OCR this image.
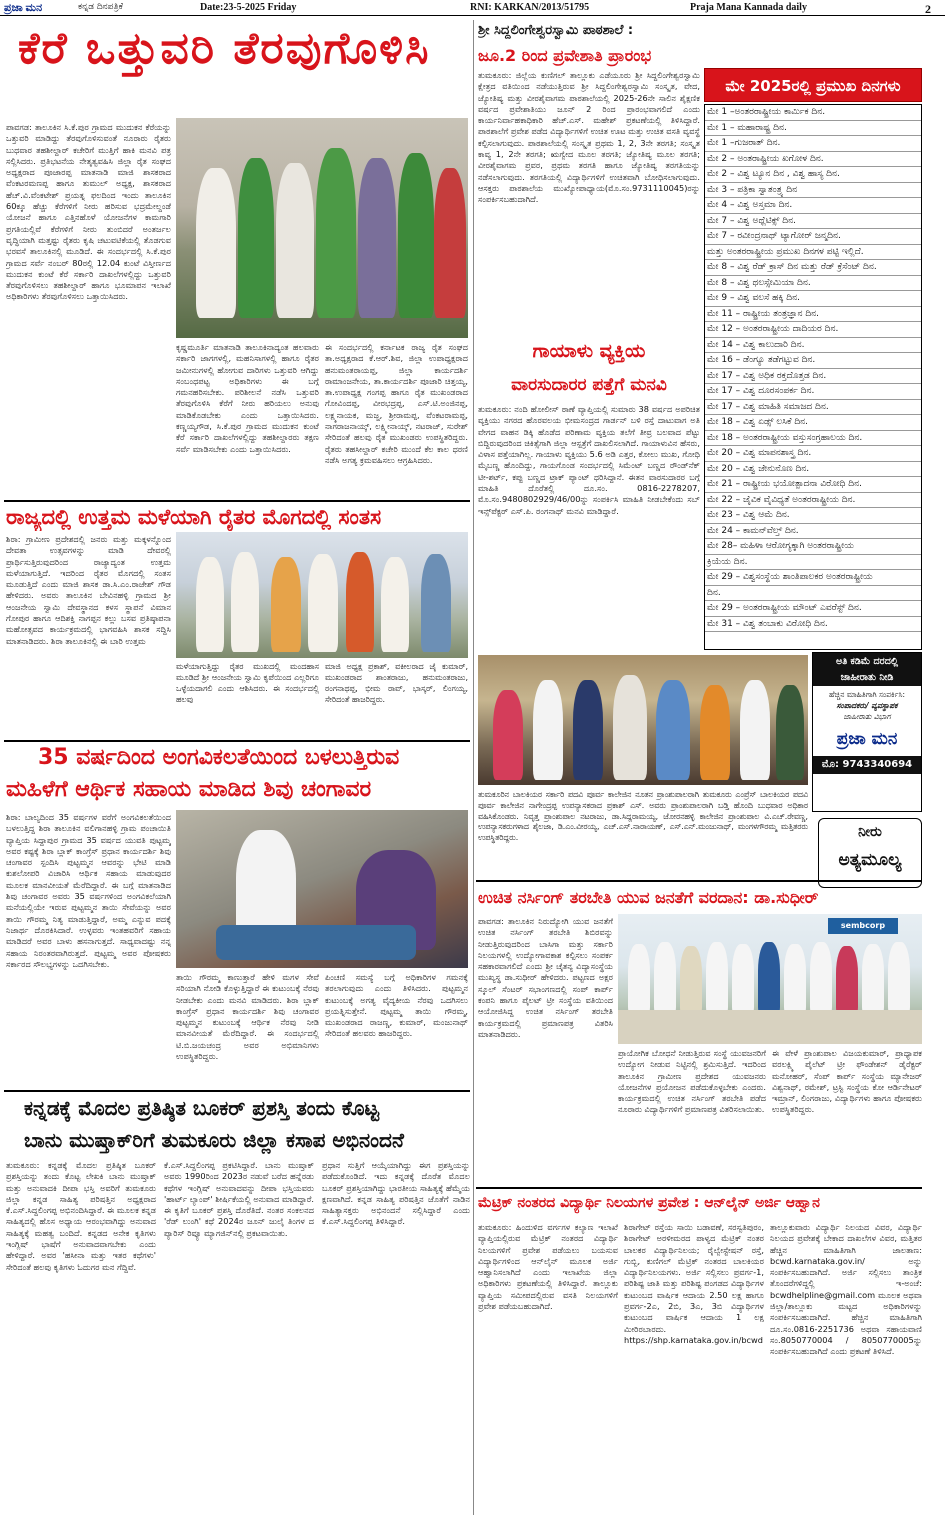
ಪ್ರಜಾ ಮನ	ಕನ್ನಡ ದಿನಪತ್ರಿಕೆ	Date:23-5-2025 Friday	RNI: KARKAN/2013/51795	Praja Mana Kannada daily	2
ಕೆರೆ ಒತ್ತುವರಿ ತೆರವುಗೊಳಿಸಿ
ಪಾವಗಡ: ತಾಲೂಕಿನ ಸಿ.ಕೆ.ಪುರ ಗ್ರಾಮದ ಮುದುಕನ ಕೆರೆಯನ್ನು ಒತ್ತುವರಿ ಮಾಡಿದ್ದು ತೆರವುಗೊಳಿಸುವಂತೆ ನೂರಾರು ರೈತರು ಬುಧವಾರ ತಹಶೀಲ್ದಾರ್ ಕಚೇರಿಗೆ ಮುತ್ತಿಗೆ ಹಾಕಿ ಮನವಿ ಪತ್ರ ಸಲ್ಲಿಸಿದರು. ಪ್ರತಿಭಟನೆಯ ನೇತೃತ್ವವಹಿಸಿ ಜಿಲ್ಲಾ ರೈತ ಸಂಘದ ಅಧ್ಯಕ್ಷರಾದ ಪೂಜಾರಪ್ಪ ಮಾತನಾಡಿ ಮಾಜಿ ಶಾಸಕರಾದ ವೆಂಕಟರಮಣಪ್ಪ ಹಾಗೂ ತುಮುಲ್ ಅಧ್ಯಕ್ಷ, ಶಾಸಕರಾದ ಹೆಚ್.ವಿ.ವೆಂಕಟೇಶ್ ಪ್ರಯತ್ನ ಫಲದಿಂದ ಇಂದು ತಾಲೂಕಿನ 60ಕ್ಕೂ ಹೆಚ್ಚು ಕೆರೆಗಳಿಗೆ ನೀರು ಹರಿಸುವ ಭದ್ರಮೇಲ್ದಂಡೆ ಯೋಜನೆ ಹಾಗೂ ಎತ್ತಿನಹೊಳೆ ಯೋಜನೆಗಳ ಕಾಮಗಾರಿ ಪ್ರಗತಿಯಲ್ಲಿವೆ ಕೆರೆಗಳಿಗೆ ನೀರು ತುಂಬಿದರೆ ಅಂತರ್ಜಲ ವೃದ್ಧಿಯಾಗಿ ಮತ್ತಷ್ಟು ರೈತರು ಕೃಷಿ ಚಟುವಟಿಕೆಯಲ್ಲಿ ತೊಡಗುವ ಭರವಸೆ ತಾಲೂಕಿನಲ್ಲಿ ಮೂಡಿದೆ. ಈ ಸಂದರ್ಭದಲ್ಲಿ ಸಿ.ಕೆ.ಪುರ ಗ್ರಾಮದ ಸರ್ವೆ ನಂಬರ್ 80ರಲ್ಲಿ 12.04 ಕುಂಟೆ ವಿಸ್ತೀರ್ಣದ ಮುದುಕನ ಕುಂಟೆ ಕೆರೆ ಸರ್ಕಾರಿ ದಾಖಲೆಗಳಲ್ಲಿದ್ದು ಒತ್ತುವರಿ ತೆರವುಗೊಳಿಸಲು ತಹಶೀಲ್ದಾರ್ ಹಾಗೂ ಭೂಮಾಪನ ಇಲಾಖೆ ಅಧಿಕಾರಿಗಳು ತೆರವುಗೊಳಿಸಲು ಒತ್ತಾಯಿಸಿದರು.
ಕೃಷ್ಣಮೂರ್ತಿ ಮಾತನಾಡಿ ತಾಲೂಕಿನಾದ್ಯಂತ ಹಲವಾರು ಸರ್ಕಾರಿ ಜಾಗಗಳಲ್ಲಿ, ಮಹನಿಸಾಗಳಲ್ಲಿ ಹಾಗೂ ರೈತರ ಜಮೀನುಗಳಲ್ಲಿ ಹೋಗುವ ದಾರಿಗಳು ಒತ್ತುವರಿ ಆಗಿದ್ದು ಸಂಬಂಧಪಟ್ಟ ಅಧಿಕಾರಿಗಳು ಈ ಬಗ್ಗೆ ಗಮನಹರಿಸಬೇಕು. ಪರಿಶೀಲನೆ ನಡೆಸಿ ಒತ್ತುವರಿ ತೆರವುಗೊಳಿಸಿ ಕೆರೆಗೆ ನೀರು ಹರಿಯಲು ಅನುವು ಮಾಡಿಕೊಡಬೇಕು ಎಂದು ಒತ್ತಾಯಿಸಿದರು. ಕಣ್ಣಯ್ಯಗೌಡ, ಸಿ.ಕೆ.ಪುರ ಗ್ರಾಮದ ಮುದುಕನ ಕುಂಟೆ ಕೆರೆ ಸರ್ಕಾರಿ ದಾಖಲೆಗಳಲ್ಲಿದ್ದು ತಹಶೀಲ್ದಾರರು ತಕ್ಷಣ ಸರ್ವೆ ಮಾಡಿಸಬೇಕು ಎಂದು ಒತ್ತಾಯಿಸಿದರು.
ಈ ಸಂದರ್ಭದಲ್ಲಿ ಕರ್ನಾಟಕ ರಾಜ್ಯ ರೈತ ಸಂಘದ ತಾ.ಅಧ್ಯಕ್ಷರಾದ ಕೆ.ಆರ್.ಶಿವ, ಜಿಲ್ಲಾ ಉಪಾಧ್ಯಕ್ಷರಾದ ಹನುಮಂತರಾಯಪ್ಪ, ಜಿಲ್ಲಾ ಕಾರ್ಯದರ್ಶಿ ರಾಮಾಂಜನೇಯ, ತಾ.ಕಾರ್ಯದರ್ಶಿ ಪೂಜಾರಿ ಚಿತ್ತಯ್ಯ, ತಾ.ಉಪಾಧ್ಯಕ್ಷ ಗಂಗಪ್ಪ ಹಾಗೂ ರೈತ ಮುಖಂಡರಾದ ಗೋವಿಂದಪ್ಪ, ವೀರಭದ್ರಪ್ಪ, ಎಸ್.ಟಿ.ಅಂಜಿನಪ್ಪ, ಲಕ್ಷ್ಮನಾಯಕ, ಮಜ್ಜ, ಶ್ರೀರಾಮಪ್ಪ, ವೆಂಕಟರಾಮಪ್ಪ, ನಾಗರಾಜನಾಯ್ಕ್, ಲಕ್ಷ್ಮೀನಾಯ್ಕ್, ನಟರಾಜ್, ಸುರೇಶ್ ಸೇರಿದಂತೆ ಹಲವು ರೈತ ಮುಖಂಡರು ಉಪಸ್ಥಿತರಿದ್ದರು. ರೈತರು ತಹಸೀಲ್ದಾರ್ ಕಚೇರಿ ಮುಂದೆ ಕೆಲ ಕಾಲ ಧರಣಿ ನಡೆಸಿ ಅಗತ್ಯ ಕ್ರಮವಹಿಸಲು ಆಗ್ರಹಿಸಿದರು.
ರಾಜ್ಯದಲ್ಲಿ ಉತ್ತಮ ಮಳೆಯಾಗಿ ರೈತರ ಮೊಗದಲ್ಲಿ ಸಂತಸ
ಶಿರಾ: ಗ್ರಾಮೀಣ ಪ್ರದೇಶದಲ್ಲಿ ಜನರು ಮತ್ತು ಮಕ್ಕಳನ್ನೊಂದ ದೇವತಾ ಉತ್ಸವಗಳನ್ನು ಮಾಡಿ ದೇವರಲ್ಲಿ ಪ್ರಾರ್ಥಿಸುತ್ತಿರುವುದರಿಂದ ರಾಜ್ಯಾದ್ಯಂತ ಉತ್ತಮ ಮಳೆಯಾಗುತ್ತಿದೆ. ಇದರಿಂದ ರೈತರ ಮೊಗದಲ್ಲಿ ಸಂತಸ ಮೂಡುತ್ತಿದೆ ಎಂದು ಮಾಜಿ ಶಾಸಕ ಡಾ.ಸಿ.ಎಂ.ರಾಜೇಶ್ ಗೌಡ ಹೇಳಿದರು. ಅವರು ತಾಲೂಕಿನ ಬೇವಿನಹಳ್ಳಿ ಗ್ರಾಮದ ಶ್ರೀ ಆಂಜನೇಯ ಸ್ವಾಮಿ ದೇವಸ್ಥಾನದ ಕಳಸ ಸ್ಥಾಪನೆ ವಿಮಾನ ಗೋಪುರ ಹಾಗೂ ಆದಿಶಕ್ತಿ ನಾಗಪ್ಪನ ಕಲ್ಲು ಬಸವ ಪ್ರತಿಷ್ಠಾಪನಾ ಮಹೋತ್ಸವದ ಕಾರ್ಯಕ್ರಮದಲ್ಲಿ ಭಾಗವಹಿಸಿ ಶಾಸಕ ಸದ್ದಿಸಿ ಮಾತನಾಡಿದರು. ಶಿರಾ ತಾಲೂಕಿನಲ್ಲಿ ಈ ಬಾರಿ ಉತ್ತಮ
ಮಳೆಯಾಗುತ್ತಿದ್ದು ರೈತರ ಮುಖದಲ್ಲಿ ಮಂದಹಾಸ ಮೂಡಿದೆ ಶ್ರೀ ಆಂಜನೇಯ ಸ್ವಾಮಿ ಕೃಪೆಯಿಂದ ಎಲ್ಲರಿಗೂ ಒಳ್ಳೆಯದಾಗಲಿ ಎಂದು ಆಶಿಸಿದರು. ಈ ಸಂದರ್ಭದಲ್ಲಿ ಹಲವು
ಮಾಜಿ ಅಧ್ಯಕ್ಷ ಪ್ರಕಾಶ್, ವಕೀಲರಾದ ಜೈ ಕುಮಾರ್, ಮುಖಂಡರಾದ ಶಾಂತರಾಜು, ಹನುಮಂತರಾಜು, ರಂಗನಾಥಪ್ಪ, ಭೀಮ ರಾವ್, ಭಾಸ್ಕರ್, ಲಿಂಗಯ್ಯ, ಸೇರಿದಂತೆ ಹಾಜರಿದ್ದರು.
35 ವರ್ಷದಿಂದ ಅಂಗವಿಕಲತೆಯಿಂದ ಬಳಲುತ್ತಿರುವ
ಮಹಿಳೆಗೆ ಆರ್ಥಿಕ ಸಹಾಯ ಮಾಡಿದ ಶಿವು ಚಂಗಾವರ
ಶಿರಾ: ಬಾಲ್ಯದಿಂದ 35 ವರ್ಷಗಳ ವರೆಗೆ ಅಂಗವಿಕಲತೆಯಿಂದ ಬಳಲುತ್ತಿದ್ದ ಶಿರಾ ತಾಲೂಕಿನ ವಲಿಗಾನಹಳ್ಳಿ ಗ್ರಾಮ ಪಂಚಾಯಿತಿ ವ್ಯಾಪ್ತಿಯ ಸಿದ್ದಾಪುರ ಗ್ರಾಮದ 35 ವರ್ಷದ ಯುವತಿ ಪುಟ್ಟಮ್ಮ ಅವರ ಕಷ್ಟಕ್ಕೆ ಶಿರಾ ಬ್ಲಾಕ್ ಕಾಂಗ್ರೆಸ್ ಪ್ರಧಾನ ಕಾರ್ಯದರ್ಶಿ ಶಿವು ಚಂಗಾವರ ಸ್ಪಂದಿಸಿ ಪುಟ್ಟಮ್ಮನ ಆವರನ್ನು ಭೇಟಿ ಮಾಡಿ ಕುಶಲೋಪರಿ ವಿಚಾರಿಸಿ ಆರ್ಥಿಕ ಸಹಾಯ ಮಾಡುವುದರ ಮೂಲಕ ಮಾನವೀಯತೆ ಮೆರೆದಿದ್ದಾರೆ. ಈ ಬಗ್ಗೆ ಮಾತನಾಡಿದ ಶಿವು ಚಂಗಾವರ ಅವರು 35 ವರ್ಷಗಳಿಂದ ಅಂಗವಿಕಲೆಯಾಗಿ ಮನೆಯಲ್ಲಿಯೇ ಇರುವ ಪುಟ್ಟಮ್ಮನ ತಾಯಿ ಸೇವೆಯನ್ನು ಅವರ ತಾಯಿ ಗೌರಮ್ಮ ನಿತ್ಯ ಮಾಡುತ್ತಿದ್ದಾರೆ, ಅಮ್ಮ ಎನ್ನುವ ಪದಕ್ಕೆ ನಿಜಾರ್ಥ ದೊರಕಿಸಿದಾರೆ. ಉಳ್ಳವರು ಇಂತಹವರಿಗೆ ಸಹಾಯ ಮಾಡಿದರೆ ಅವರ ಬಾಳು ಹಸನಾಗುತ್ತದೆ. ಸಾಧ್ಯವಾದಷ್ಟು ನನ್ನ ಸಹಾಯ ನಿರಂತರವಾಗಿರುತ್ತದೆ. ಪುಟ್ಟಮ್ಮ ಅವರ ಪೋಷಕರು ಸರ್ಕಾರದ ಸೌಲಭ್ಯಗಳನ್ನು ಒದಗಿಸಬೇಕು.
ತಾಯಿ ಗೌರಮ್ಮ ಕಾಣುತ್ತಾರೆ ಹೇಳಿ ಮಗಳ ಸೇವೆ ಸರಿಯಾಗಿ ನೋಡಿ ಕೊಳ್ಳುತ್ತಿದ್ದಾರೆ ಈ ಕುಟುಂಬಕ್ಕೆ ನೆರವು ನೀಡಬೇಕು ಎಂದು ಮನವಿ ಮಾಡಿದರು. ಶಿರಾ ಬ್ಲಾಕ್ ಕಾಂಗ್ರೆಸ್ ಪ್ರಧಾನ ಕಾರ್ಯದರ್ಶಿ ಶಿವು ಚಂಗಾವರ ಪುಟ್ಟಮ್ಮನ ಕುಟುಂಬಕ್ಕೆ ಆರ್ಥಿಕ ನೆರವು ನೀಡಿ ಮಾನವೀಯತೆ ಮೆರೆದಿದ್ದಾರೆ. ಈ ಸಂದರ್ಭದಲ್ಲಿ ಟಿ.ಬಿ.ಜಯಚಂದ್ರ ಅವರ ಅಭಿಮಾನಿಗಳು ಉಪಸ್ಥಿತರಿದ್ದರು.
ಪಿಂಚಣಿ ಸಮಸ್ಯೆ ಬಗ್ಗೆ ಅಧಿಕಾರಿಗಳ ಗಮನಕ್ಕೆ ತರಲಾಗುವುದು ಎಂದು ತಿಳಿಸಿದರು. ಪುಟ್ಟಮ್ಮನ ಕುಟುಂಬಕ್ಕೆ ಅಗತ್ಯ ವೈದ್ಯಕೀಯ ನೆರವು ಒದಗಿಸಲು ಪ್ರಯತ್ನಿಸುತ್ತೇನೆ. ಪುಟ್ಟಮ್ಮ ತಾಯಿ ಗೌರಮ್ಮ, ಮುಖಂಡರಾದ ರಾಜಣ್ಣ, ಕುಮಾರ್, ಮಂಜುನಾಥ್ ಸೇರಿದಂತೆ ಹಲವರು ಹಾಜರಿದ್ದರು.
ಕನ್ನಡಕ್ಕೆ ಮೊದಲ ಪ್ರತಿಷ್ಠಿತ ಬೂಕರ್ ಪ್ರಶಸ್ತಿ ತಂದು ಕೊಟ್ಟ
ಬಾನು ಮುಷ್ತಾಕ್‌ರಿಗೆ ತುಮಕೂರು ಜಿಲ್ಲಾ ಕಸಾಪ ಅಭಿನಂದನೆ
ತುಮಕೂರು: ಕನ್ನಡಕ್ಕೆ ಮೊದಲ ಪ್ರತಿಷ್ಠಿತ ಬೂಕರ್ ಪ್ರಶಸ್ತಿಯನ್ನು ತಂದು ಕೊಟ್ಟ ಲೇಖಕಿ ಬಾನು ಮುಷ್ತಾಕ್ ಮತ್ತು ಅನುವಾದಕಿ ದೀಪಾ ಭಸ್ತಿ ಅವರಿಗೆ ತುಮಕೂರು ಜಿಲ್ಲಾ ಕನ್ನಡ ಸಾಹಿತ್ಯ ಪರಿಷತ್ತಿನ ಅಧ್ಯಕ್ಷರಾದ ಕೆ.ಎಸ್.ಸಿದ್ದಲಿಂಗಪ್ಪ ಅಭಿನಂದಿಸಿದ್ದಾರೆ. ಈ ಮೂಲಕ ಕನ್ನಡ ಸಾಹಿತ್ಯದಲ್ಲಿ ಹೊಸ ಅಧ್ಯಾಯ ಆರಂಭವಾಗಿದ್ದು ಅನುವಾದ ಸಾಹಿತ್ಯಕ್ಕೆ ಮಹತ್ವ ಬಂದಿದೆ. ಕನ್ನಡದ ಅನೇಕ ಕೃತಿಗಳು ಇಂಗ್ಲಿಷ್ ಭಾಷೆಗೆ ಅನುವಾದವಾಗಬೇಕು ಎಂದು ಹೇಳಿದ್ದಾರೆ. ಅವರ 'ಹಸೀನಾ ಮತ್ತು ಇತರ ಕಥೆಗಳು' ಸೇರಿದಂತೆ ಹಲವು ಕೃತಿಗಳು ಓದುಗರ ಮನ ಗೆದ್ದಿವೆ.
ಕೆ.ಎಸ್.ಸಿದ್ದಲಿಂಗಪ್ಪ ಪ್ರಕಟಿಸಿದ್ದಾರೆ. ಬಾನು ಮುಷ್ತಾಕ್ ಅವರು 1990ರಿಂದ 2023ರ ನಡುವೆ ಬರೆದ ಹನ್ನೆರಡು ಕಥೆಗಳ ಇಂಗ್ಲಿಷ್ ಅನುವಾದವನ್ನು ದೀಪಾ ಭಸ್ತಿಯವರು 'ಹಾರ್ಟ್ ಲ್ಯಾಂಪ್' ಶೀರ್ಷಿಕೆಯಲ್ಲಿ ಅನುವಾದ ಮಾಡಿದ್ದಾರೆ. ಈ ಕೃತಿಗೆ ಬೂಕರ್ ಪ್ರಶಸ್ತಿ ದೊರೆತಿದೆ. ನಂತರ ಸಂಕಲನದ 'ರೆಡ್ ಲುಂಗಿ' ಕಥೆ 2024ರ ಜೂನ್ ಜುಲೈ ತಿಂಗಳ ದ ಪ್ಯಾರಿಸ್ ರಿವ್ಯೂ ಮ್ಯಾಗಜಿನ್‌ನಲ್ಲಿ ಪ್ರಕಟವಾಯಿತು.
ಪ್ರಧಾನ ಸುತ್ತಿಗೆ ಆಯ್ಕೆಯಾಗಿದ್ದು ಈಗ ಪ್ರಶಸ್ತಿಯನ್ನು ಪಡೆದುಕೊಂಡಿದೆ. ಇದು ಕನ್ನಡಕ್ಕೆ ದೊರೆತ ಮೊದಲ ಬೂಕರ್ ಪ್ರಶಸ್ತಿಯಾಗಿದ್ದು ಭಾರತೀಯ ಸಾಹಿತ್ಯಕ್ಕೆ ಹೆಮ್ಮೆಯ ಕ್ಷಣವಾಗಿದೆ. ಕನ್ನಡ ಸಾಹಿತ್ಯ ಪರಿಷತ್ತಿನ ಜೊತೆಗೆ ನಾಡಿನ ಸಾಹಿತ್ಯಾಸಕ್ತರು ಅಭಿನಂದನೆ ಸಲ್ಲಿಸಿದ್ದಾರೆ ಎಂದು ಕೆ.ಎಸ್.ಸಿದ್ದಲಿಂಗಪ್ಪ ತಿಳಿಸಿದ್ದಾರೆ.
ಶ್ರೀ ಸಿದ್ದಲಿಂಗೇಶ್ವರಸ್ವಾಮಿ ಪಾಠಶಾಲೆ :
ಜೂ.2 ರಿಂದ ಪ್ರವೇಶಾತಿ ಪ್ರಾರಂಭ
ತುಮಕೂರು: ಜಿಲ್ಲೆಯ ಕುಣಿಗಲ್ ತಾಲ್ಲೂಕು ಎಡೆಯೂರು ಶ್ರೀ ಸಿದ್ದಲಿಂಗೇಶ್ವರಸ್ವಾಮಿ ಕ್ಷೇತ್ರದ ವತಿಯಿಂದ ನಡೆಯುತ್ತಿರುವ ಶ್ರೀ ಸಿದ್ದಲಿಂಗೇಶ್ವರಸ್ವಾಮಿ ಸಂಸ್ಕೃತ, ವೇದ, ಜ್ಯೋತಿಷ್ಯ ಮತ್ತು ವೀರಶೈವಾಗಮ ಪಾಠಶಾಲೆಯಲ್ಲಿ 2025-26ನೇ ಸಾಲಿನ ಶೈಕ್ಷಣಿಕ ವರ್ಷದ ಪ್ರವೇಶಾತಿಯು ಜೂನ್ 2 ರಿಂದ ಪ್ರಾರಂಭವಾಗಲಿದೆ ಎಂದು ಕಾರ್ಯನಿರ್ವಾಹಕಾಧಿಕಾರಿ ಹೆಚ್.ಎಸ್. ಮಹೇಶ್ ಪ್ರಕಟಣೆಯಲ್ಲಿ ತಿಳಿಸಿದ್ದಾರೆ. ಪಾಠಶಾಲೆಗೆ ಪ್ರವೇಶ ಪಡೆದ ವಿದ್ಯಾರ್ಥಿಗಳಿಗೆ ಉಚಿತ ಊಟ ಮತ್ತು ಉಚಿತ ವಸತಿ ವ್ಯವಸ್ಥೆ ಕಲ್ಪಿಸಲಾಗುವುದು. ಪಾಠಶಾಲೆಯಲ್ಲಿ ಸಂಸ್ಕೃತ ಪ್ರಥಮ 1, 2, 3ನೇ ತರಗತಿ; ಸಂಸ್ಕೃತ ಕಾವ್ಯ 1, 2ನೇ ತರಗತಿ; ಋಗ್ವೇದ ಮೂಲ ತರಗತಿ; ಜ್ಯೋತಿಷ್ಯ ಮೂಲ ತರಗತಿ; ವೀರಶೈವಾಗಮ ಪ್ರವರ, ಪ್ರಥಮ ತರಗತಿ ಹಾಗೂ ಜ್ಯೋತಿಷ್ಯ ತರಗತಿಯನ್ನು ನಡೆಸಲಾಗುವುದು. ತರಗತಿಯಲ್ಲಿ ವಿದ್ಯಾರ್ಥಿಗಳಿಗೆ ಉಚಿತವಾಗಿ ಬೋಧಿಸಲಾಗುವುದು. ಆಸಕ್ತರು ಪಾಠಶಾಲೆಯ ಮುಖ್ಯೋಪಾಧ್ಯಾಯ(ಮೊ.ಸಂ.9731110045)ರನ್ನು ಸಂಪರ್ಕಿಸಬಹುದಾಗಿದೆ.
ಗಾಯಾಳು ವ್ಯಕ್ತಿಯ
ವಾರಸುದಾರರ ಪತ್ತೆಗೆ ಮನವಿ
ತುಮಕೂರು: ನಂದಿ ಹೋಲೀಸ್ ಠಾಣೆ ವ್ಯಾಪ್ತಿಯಲ್ಲಿ ಸುಮಾರು 38 ವರ್ಷದ ಅಪರಿಚಿತ ವ್ಯಕ್ತಿಯು ನಗರದ ಹೊರವಲಯ ಭೀಮಸಂದ್ರದ ಗಾರ್ಡನ್ ಬಳಿ ರಸ್ತೆ ದಾಟುವಾಗ ಅತಿ ವೇಗದ ವಾಹನ ಡಿಕ್ಕಿ ಹೊಡೆದ ಪರಿಣಾಮ ವ್ಯಕ್ತಿಯ ತಲೆಗೆ ತೀವ್ರ ಬಲವಾದ ಪೆಟ್ಟು ಬಿದ್ದಿರುವುದರಿಂದ ಚಿಕಿತ್ಸೆಗಾಗಿ ಜಿಲ್ಲಾ ಆಸ್ಪತ್ರೆಗೆ ದಾಖಲಿಸಲಾಗಿದೆ. ಗಾಯಾಳುವಿನ ಹೆಸರು, ವಿಳಾಸ ಪತ್ತೆಯಾಗಿಲ್ಲ. ಗಾಯಾಳು ವ್ಯಕ್ತಿಯು 5.6 ಅಡಿ ಎತ್ತರ, ಕೋಲು ಮುಖ, ಗೋಧಿ ಮೈಬಣ್ಣ ಹೊಂದಿದ್ದು, ಗಾಯಗೊಂಡ ಸಂದರ್ಭದಲ್ಲಿ ಸಿಮೆಂಟ್ ಬಣ್ಣದ ರೌಂಡ್‌ನೆಕ್ ಟೀ-ಶರ್ಟ್, ಕಪ್ಪು ಬಣ್ಣದ ಟ್ರಾಕ್ ಪ್ಯಾಂಟ್ ಧರಿಸಿದ್ದಾನೆ. ಈತನ ವಾರಸುದಾರರ ಬಗ್ಗೆ ಮಾಹಿತಿ ದೊರೆತಲ್ಲಿ ದೂ.ಸಂ. 0816-2278207, ಮೊ.ಸಂ.9480802929/46/00ನ್ನು ಸಂಪರ್ಕಿಸಿ ಮಾಹಿತಿ ನೀಡಬೇಕೆಂದು ಸಬ್ ಇನ್ಸ್‌ಪೆಕ್ಟರ್ ಎಸ್.ಪಿ. ರಂಗನಾಥ್ ಮನವಿ ಮಾಡಿದ್ದಾರೆ.
ಮೇ 2025ರಲ್ಲಿ ಪ್ರಮುಖ ದಿನಗಳು
ಮೇ 1 –ಅಂತರರಾಷ್ಟ್ರೀಯ ಕಾರ್ಮಿಕ ದಿನ.
ಮೇ 1 – ಮಹಾರಾಷ್ಟ್ರ ದಿನ.
ಮೇ 1 –ಗುಜರಾತ್ ದಿನ.
ಮೇ 2 – ಅಂತರಾಷ್ಟ್ರೀಯ ಖಗೋಳ ದಿನ.
ಮೇ 2 – ವಿಶ್ವ ಟ್ಯೂನ ದಿನ , ವಿಶ್ವ ಹಾಸ್ಯ ದಿನ.
ಮೇ 3 – ಪತ್ರಿಕಾ ಸ್ವಾತಂತ್ರ್ಯ ದಿನ
ಮೇ 4 – ವಿಶ್ವ ಅಸ್ತಮಾ ದಿನ.
ಮೇ 7 – ವಿಶ್ವ ಅಥ್ಲೆಟಿಕ್ಸ್ ದಿನ.
ಮೇ 7 – ರವೀಂದ್ರನಾಥ್ ಟ್ಯಾಗೋರ್ ಜನ್ಮದಿನ.
ಮತ್ತು ಅಂತರರಾಷ್ಟ್ರೀಯ ಪ್ರಮುಖ ದಿನಗಳ ಪಟ್ಟಿ ಇಲ್ಲಿದೆ.
ಮೇ 8 – ವಿಶ್ವ ರೆಡ್ ಕ್ರಾಸ್ ದಿನ ಮತ್ತು ರೆಡ್ ಕ್ರೆಸೆಂಟ್ ದಿನ.
ಮೇ 8 – ವಿಶ್ವ ಥಲಸ್ಸೇಮಿಯಾ ದಿನ.
ಮೇ 9 – ವಿಶ್ವ ವಲಸೆ ಹಕ್ಕಿ ದಿನ.
ಮೇ 11 – ರಾಷ್ಟ್ರೀಯ ತಂತ್ರಜ್ಞಾನ ದಿನ.
ಮೇ 12 – ಅಂತರರಾಷ್ಟ್ರೀಯ ದಾದಿಯರ ದಿನ.
ಮೇ 14 – ವಿಶ್ವ ಕಾಲುದಾರಿ ದಿನ.
ಮೇ 16 – ಡೆಂಗ್ಯೂ ತಡೆಗಟ್ಟುವ ದಿನ.
ಮೇ 17 – ವಿಶ್ವ ಅಧಿಕ ರಕ್ತದೊತ್ತಡ ದಿನ.
ಮೇ 17 – ವಿಶ್ವ ದೂರಸಂಪರ್ಕ ದಿನ.
ಮೇ 17 – ವಿಶ್ವ ಮಾಹಿತಿ ಸಮಾಜದ ದಿನ.
ಮೇ 18 – ವಿಶ್ವ ಏಡ್ಸ್ ಲಸಿಕೆ ದಿನ.
ಮೇ 18 – ಅಂತರರಾಷ್ಟ್ರೀಯ ವಸ್ತುಸಂಗ್ರಹಾಲಯ ದಿನ.
ಮೇ 20 – ವಿಶ್ವ ಮಾಪನಶಾಸ್ತ್ರ ದಿನ.
ಮೇ 20 – ವಿಶ್ವ ಜೇನುನೊಣ ದಿನ.
ಮೇ 21 – ರಾಷ್ಟ್ರೀಯ ಭಯೋತ್ಪಾದನಾ ವಿರೋಧಿ ದಿನ.
ಮೇ 22 – ಜೈವಿಕ ವೈವಿಧ್ಯತೆ ಅಂತರರಾಷ್ಟ್ರೀಯ ದಿನ.
ಮೇ 23 – ವಿಶ್ವ ಆಮೆ ದಿನ.
ಮೇ 24 – ಕಾಮನ್‌ವೆಲ್ತ್ ದಿನ.
ಮೇ 28– ಮಹಿಳಾ ಆರೋಗ್ಯಕ್ಕಾಗಿ ಅಂತರರಾಷ್ಟ್ರೀಯ
ಕ್ರಿಯೆಯ ದಿನ.
ಮೇ 29 – ವಿಶ್ವಸಂಸ್ಥೆಯ ಶಾಂತಿಪಾಲಕರ ಅಂತರರಾಷ್ಟ್ರೀಯ
ದಿನ.
ಮೇ 29 – ಅಂತರರಾಷ್ಟ್ರೀಯ ಮೌಂಟ್ ಎವರೆಸ್ಟ್ ದಿನ.
ಮೇ 31 – ವಿಶ್ವ ತಂಬಾಕು ವಿರೋಧಿ ದಿನ.
ಅತಿ ಕಡಿಮೆ ದರದಲ್ಲಿ
ಜಾಹೀರಾತು ನೀಡಿ
ಹೆಚ್ಚಿನ ಮಾಹಿತಿಗಾಗಿ ಸಂಪರ್ಕಿಸಿ:
ಸಂಪಾದಕರು/ ವ್ಯವಸ್ಥಾಪಕ
ಜಾಹೀರಾತು ವಿಭಾಗ
ಪ್ರಜಾ ಮನ
ಮೊ: 9743340694
ನೀರು
ಅತ್ಯಮೂಲ್ಯ
ತುಮಕೂರಿನ ಬಾಲಕಿಯರ ಸರ್ಕಾರಿ ಪದವಿ ಪೂರ್ವ ಕಾಲೇಜಿನ ನೂತನ ಪ್ರಾಂಶುಪಾಲರಾಗಿ ತುಮಕೂರು ಎಂಪ್ರೆಸ್ ಬಾಲಕಿಯರ ಪದವಿ ಪೂರ್ವ ಕಾಲೇಜಿನ ನಾಗೇಂದ್ರಪ್ಪ ಉಪನ್ಯಾಸಕರಾದ ಪ್ರಕಾಶ್ ಎಸ್. ಅವರು ಪ್ರಾಂಶುಪಾಲರಾಗಿ ಬಡ್ತಿ ಹೊಂದಿ ಬುಧವಾರ ಅಧಿಕಾರ ವಹಿಸಿಕೊಂಡರು. ನಿವೃತ್ತ ಪ್ರಾಂಶುಪಾಲ ನಟರಾಜು, ಡಾ.ಸಿದ್ದರಾಮಯ್ಯ, ಜೋರನಹಳ್ಳಿ ಕಾಲೇಜಿನ ಪ್ರಾಂಶುಪಾಲ ವಿ.ಎಚ್.ರೇವಣ್ಣ, ಉಪನ್ಯಾಸಕರುಗಳಾದ ಶೈಲಜಾ, ಡಿ.ಎಂ.ವೀರಯ್ಯ, ಎಚ್.ಎಸ್.ನಾರಾಯಣ್, ಎಸ್.ಎನ್.ಮಂಜುನಾಥ್, ಮಂಗಳಗೌರಮ್ಮ ಮತ್ತಿತರರು ಉಪಸ್ಥಿತರಿದ್ದರು.
ಉಚಿತ ನರ್ಸಿಂಗ್ ತರಬೇತಿ ಯುವ ಜನತೆಗೆ ವರದಾನ: ಡಾ.ಸುಧೀರ್
ಪಾವಗಡ: ತಾಲೂಕಿನ ನಿರುದ್ಯೋಗಿ ಯುವ ಜನತೆಗೆ ಉಚಿತ ನರ್ಸಿಂಗ್ ತರಬೇತಿ ಶಿಬಿರವನ್ನು ನೀಡುತ್ತಿರುವುದರಿಂದ ಬಾಸಿಗಾ ಮತ್ತು ಸರ್ಕಾರಿ ನಿಲಯಗಳಲ್ಲಿ ಉದ್ಯೋಗಾವಕಾಶ ಕಲ್ಪಿಸಲು ಸಂಪರ್ಕ ಸಹಕಾರವಾಗಲಿದೆ ಎಂದು ಶ್ರೀ ಚೈತನ್ಯ ವಿದ್ಯಾಸಂಸ್ಥೆಯ ಮುಖ್ಯಸ್ಥ ಡಾ.ಸುಧೀರ್ ಹೇಳಿದರು. ಪಟ್ಟಣದ ಅಕ್ಷರ ಸ್ಕೂಲ್ ಸೆಂಟರ್ ಸಭಾಂಗಣದಲ್ಲಿ ಸಂಪ್ ಕಾರ್ಪ್ ಕಂಪನಿ ಹಾಗೂ ಪೈಲಟ್ ಟ್ರೀ ಸಂಸ್ಥೆಯ ವತಿಯಿಂದ ಆಯೋಜಿಸಿದ್ದ ಉಚಿತ ನರ್ಸಿಂಗ್ ತರಬೇತಿ ಕಾರ್ಯಕ್ರಮದಲ್ಲಿ ಪ್ರಮಾಣಪತ್ರ ವಿತರಿಸಿ ಮಾತನಾಡಿದರು.
sembcorp
ಪ್ರಾಯೋಗಿಕ ಬೋಧನೆ ನೀಡುತ್ತಿರುವ ಸಂಸ್ಥೆ ಯುವಜನರಿಗೆ ಉದ್ಯೋಗ ನೀಡುವ ನಿಟ್ಟಿನಲ್ಲಿ ಶ್ರಮಿಸುತ್ತಿದೆ. ಇದರಿಂದ ತಾಲೂಕಿನ ಗ್ರಾಮೀಣ ಪ್ರದೇಶದ ಯುವಜನರು ಯೋಜನೆಗಳ ಪ್ರಯೋಜನ ಪಡೆದುಕೊಳ್ಳಬೇಕು ಎಂದರು. ಕಾರ್ಯಕ್ರಮದಲ್ಲಿ ಉಚಿತ ನರ್ಸಿಂಗ್ ತರಬೇತಿ ಪಡೆದ ನೂರಾರು ವಿದ್ಯಾರ್ಥಿಗಳಿಗೆ ಪ್ರಮಾಣಪತ್ರ ವಿತರಿಸಲಾಯಿತು.
ಈ ವೇಳೆ ಪ್ರಾಂಶುಪಾಲ ವಿಜಯಕುಮಾರ್, ಪ್ರಾಧ್ಯಾಪಕ ವರಲಕ್ಷ್ಮಿ ಪೈಲೆಟ್ ಟ್ರೀ ಫೌಂಡೇಶನ್ ಡೈರೆಕ್ಟರ್ ಮನೋಹರ್, ಸೆಂಪ್ ಕಾರ್ಪ್ ಸಂಸ್ಥೆಯ ಮ್ಯಾನೇಜರ್ ವಿಶ್ವನಾಥ್, ರಮೇಶ್, ಟ್ರಸ್ಟಿ ಸಂಸ್ಥೆಯ ಕೋ ಆರ್ಡಿನೇಟರ್ ಇಮ್ರಾನ್, ಲಿಂಗರಾಜು, ವಿದ್ಯಾರ್ಥಿಗಳು ಹಾಗೂ ಪೋಷಕರು ಉಪಸ್ಥಿತರಿದ್ದರು.
ಮೆಟ್ರಿಕ್ ನಂತರದ ವಿದ್ಯಾರ್ಥಿ ನಿಲಯಗಳ ಪ್ರವೇಶ : ಆನ್‌ಲೈನ್ ಅರ್ಜಿ ಆಹ್ವಾನ
ತುಮಕೂರು: ಹಿಂದುಳಿದ ವರ್ಗಗಳ ಕಲ್ಯಾಣ ಇಲಾಖೆ ವ್ಯಾಪ್ತಿಯಲ್ಲಿರುವ ಮೆಟ್ರಿಕ್ ನಂತರದ ವಿದ್ಯಾರ್ಥಿ ನಿಲಯಗಳಿಗೆ ಪ್ರವೇಶ ಪಡೆಯಲು ಬಯಸುವ ವಿದ್ಯಾರ್ಥಿಗಳಿಂದ ಆನ್‌ಲೈನ್ ಮೂಲಕ ಅರ್ಜಿ ಆಹ್ವಾನಿಸಲಾಗಿದೆ ಎಂದು ಇಲಾಖೆಯ ಜಿಲ್ಲಾ ಅಧಿಕಾರಿಗಳು ಪ್ರಕಟಣೆಯಲ್ಲಿ ತಿಳಿಸಿದ್ದಾರೆ. ತಾಲ್ಲೂಕು ವ್ಯಾಪ್ತಿಯ ಸಮೀಪದಲ್ಲಿರುವ ವಸತಿ ನಿಲಯಗಳಿಗೆ ಪ್ರವೇಶ ಪಡೆಯಬಹುದಾಗಿದೆ.
ಶಿರಾಗೇಟ್ ರಸ್ತೆಯ ಸಾಯಿ ಬಡಾವಣೆ, ಸರಸ್ವತಿಪುರಂ, ಶಿರಾಗೇಟ್ ಅರಳೀಮರದ ಪಾಳ್ಯದ ಮೆಟ್ರಿಕ್ ನಂತರ ಬಾಲಕರ ವಿದ್ಯಾರ್ಥಿನಿಲಯ; ರೈಲ್ವೇಸ್ಟೇಷನ್ ರಸ್ತೆ, ಗುಬ್ಬಿ, ಕುಣಿಗಲ್ ಮೆಟ್ರಿಕ್ ನಂತರದ ಬಾಲಕಿಯರ ವಿದ್ಯಾರ್ಥಿನಿಲಯಗಳು. ಅರ್ಜಿ ಸಲ್ಲಿಸಲು ಪ್ರವರ್ಗ-1, ಪರಿಶಿಷ್ಟ ಜಾತಿ ಮತ್ತು ಪರಿಶಿಷ್ಟ ಪಂಗಡದ ವಿದ್ಯಾರ್ಥಿಗಳ ಕುಟುಂಬದ ವಾರ್ಷಿಕ ಆದಾಯ 2.50 ಲಕ್ಷ ಹಾಗೂ ಪ್ರವರ್ಗ-2ಎ, 2ಬಿ, 3ಎ, 3ಬಿ ವಿದ್ಯಾರ್ಥಿಗಳ ಕುಟುಂಬದ ವಾರ್ಷಿಕ ಆದಾಯ 1 ಲಕ್ಷ ಮೀರಿರಬಾರದು. https://shp.karnataka.gov.in/bcwd
ತಾಲ್ಲೂಕುವಾರು ವಿದ್ಯಾರ್ಥಿ ನಿಲಯದ ವಿವರ, ವಿದ್ಯಾರ್ಥಿ ನಿಲಯದ ಪ್ರವೇಶಕ್ಕೆ ಬೇಕಾದ ದಾಖಲೆಗಳ ವಿವರ, ಮತ್ತಿತರ ಹೆಚ್ಚಿನ ಮಾಹಿತಿಗಾಗಿ ಜಾಲತಾಣ: bcwd.karnataka.gov.in/ ಅನ್ನು ಸಂಪರ್ಕಿಸಬಹುದಾಗಿದೆ. ಅರ್ಜಿ ಸಲ್ಲಿಸಲು ತಾಂತ್ರಿಕ ತೊಂದರೆಗಳಿದ್ದಲ್ಲಿ ಇ-ಅಂಚೆ: bcwdhelpline@gmail.com ಮೂಲಕ ಅಥವಾ ಜಿಲ್ಲಾ/ತಾಲ್ಲೂಕು ಮಟ್ಟದ ಅಧಿಕಾರಿಗಳನ್ನು ಸಂಪರ್ಕಿಸಬಹುದಾಗಿದೆ. ಹೆಚ್ಚಿನ ಮಾಹಿತಿಗಾಗಿ ದೂ.ಸಂ.0816-2251736 ಅಥವಾ ಸಹಾಯವಾಣಿ ಸಂ.8050770004 / 8050770005ನ್ನು ಸಂಪರ್ಕಿಸಬಹುದಾಗಿದೆ ಎಂದು ಪ್ರಕಟಣೆ ತಿಳಿಸಿದೆ.
